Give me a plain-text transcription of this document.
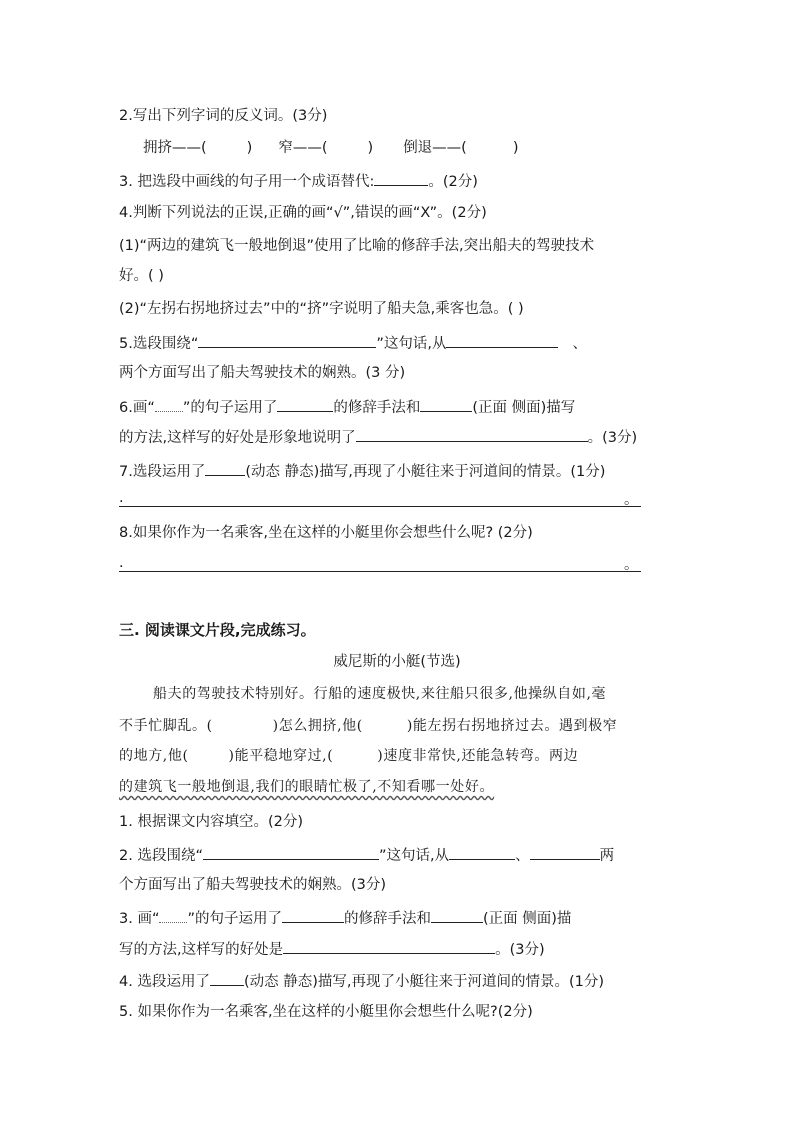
2.写出下列字词的反义词。(3分)
拥挤——(	) 窄——(	) 倒退——(	)
3. 把选段中画线的句子用一个成语替代:	。(2分)
4.判断下列说法的正误,正确的画“√”,错误的画“X”。(2分)
(1)“两边的建筑飞一般地倒退”使用了比喻的修辞手法,突出船夫的驾驶技术
好。( )
(2)“左拐右拐地挤过去”中的“挤”字说明了船夫急,乘客也急。( )
5.选段围绕“	”这句话,从	、
两个方面写出了船夫驾驶技术的娴熟。(3 分)
6.画“ ”的句子运用了	的修辞手法和	(正面 侧面)描写
的方法,这样写的好处是形象地说明了	。(3分)
7.选段运用了	(动态 静态)描写,再现了小艇往来于河道间的情景。(1分)
.	。
8.如果你作为一名乘客,坐在这样的小艇里你会想些什么呢? (2分)
.	。
三. 阅读课文片段,完成练习。
威尼斯的小艇(节选)
船夫的驾驶技术特别好。行船的速度极快,来往船只很多,他操纵自如,毫
不手忙脚乱。(	)怎么拥挤,他(	)能左拐右拐地挤过去。遇到极窄
的地方,他(	)能平稳地穿过,(	)速度非常快,还能急转弯。两边
的建筑飞一般地倒退,我们的眼睛忙极了,不知看哪一处好。
1. 根据课文内容填空。(2分)
2. 选段围绕“	”这句话,从	、	两
个方面写出了船夫驾驶技术的娴熟。(3分)
3. 画“ ”的句子运用了	的修辞手法和	(正面 侧面)描
写的方法,这样写的好处是	。(3分)
4. 选段运用了 (动态 静态)描写,再现了小艇往来于河道间的情景。(1分)
5. 如果你作为一名乘客,坐在这样的小艇里你会想些什么呢?(2分)
